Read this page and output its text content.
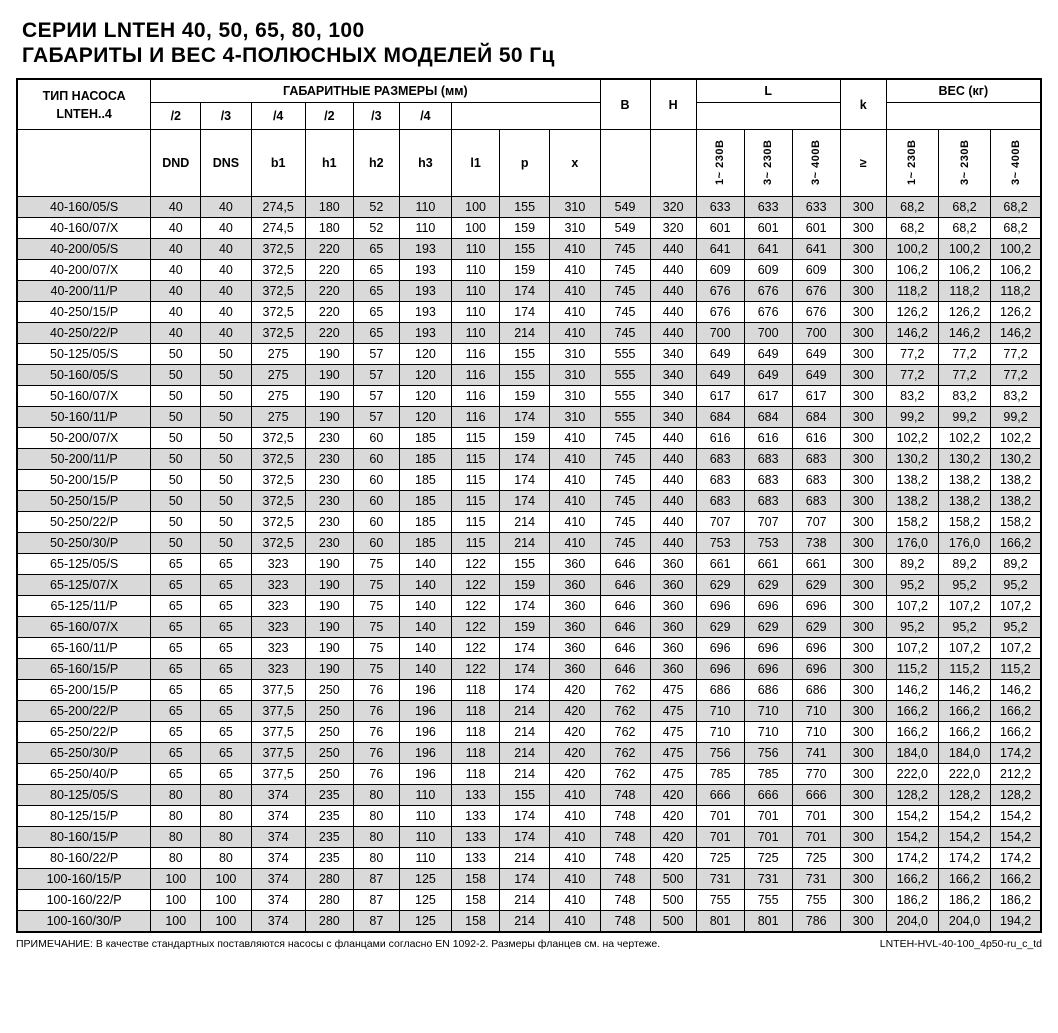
СЕРИИ LNTEH 40, 50, 65, 80, 100
ГАБАРИТЫ И ВЕС 4-ПОЛЮСНЫХ МОДЕЛЕЙ 50 Гц
ТИП НАСОСА
LNTEH..4	ГАБАРИТНЫЕ РАЗМЕРЫ (мм)									B	H	L			k	ВЕС (кг)		
	/2	/3	/4	/2	/3	/4												
	DND	DNS	b1	h1	h2	h3	l1	p	x			1~ 230В	3~ 230В	3~ 400В	≥	1~ 230В	3~ 230В	3~ 400В
40-160/05/S	40	40	274,5	180	52	110	100	155	310	549	320	633	633	633	300	68,2	68,2	68,2
40-160/07/X	40	40	274,5	180	52	110	100	159	310	549	320	601	601	601	300	68,2	68,2	68,2
40-200/05/S	40	40	372,5	220	65	193	110	155	410	745	440	641	641	641	300	100,2	100,2	100,2
40-200/07/X	40	40	372,5	220	65	193	110	159	410	745	440	609	609	609	300	106,2	106,2	106,2
40-200/11/P	40	40	372,5	220	65	193	110	174	410	745	440	676	676	676	300	118,2	118,2	118,2
40-250/15/P	40	40	372,5	220	65	193	110	174	410	745	440	676	676	676	300	126,2	126,2	126,2
40-250/22/P	40	40	372,5	220	65	193	110	214	410	745	440	700	700	700	300	146,2	146,2	146,2
50-125/05/S	50	50	275	190	57	120	116	155	310	555	340	649	649	649	300	77,2	77,2	77,2
50-160/05/S	50	50	275	190	57	120	116	155	310	555	340	649	649	649	300	77,2	77,2	77,2
50-160/07/X	50	50	275	190	57	120	116	159	310	555	340	617	617	617	300	83,2	83,2	83,2
50-160/11/P	50	50	275	190	57	120	116	174	310	555	340	684	684	684	300	99,2	99,2	99,2
50-200/07/X	50	50	372,5	230	60	185	115	159	410	745	440	616	616	616	300	102,2	102,2	102,2
50-200/11/P	50	50	372,5	230	60	185	115	174	410	745	440	683	683	683	300	130,2	130,2	130,2
50-200/15/P	50	50	372,5	230	60	185	115	174	410	745	440	683	683	683	300	138,2	138,2	138,2
50-250/15/P	50	50	372,5	230	60	185	115	174	410	745	440	683	683	683	300	138,2	138,2	138,2
50-250/22/P	50	50	372,5	230	60	185	115	214	410	745	440	707	707	707	300	158,2	158,2	158,2
50-250/30/P	50	50	372,5	230	60	185	115	214	410	745	440	753	753	738	300	176,0	176,0	166,2
65-125/05/S	65	65	323	190	75	140	122	155	360	646	360	661	661	661	300	89,2	89,2	89,2
65-125/07/X	65	65	323	190	75	140	122	159	360	646	360	629	629	629	300	95,2	95,2	95,2
65-125/11/P	65	65	323	190	75	140	122	174	360	646	360	696	696	696	300	107,2	107,2	107,2
65-160/07/X	65	65	323	190	75	140	122	159	360	646	360	629	629	629	300	95,2	95,2	95,2
65-160/11/P	65	65	323	190	75	140	122	174	360	646	360	696	696	696	300	107,2	107,2	107,2
65-160/15/P	65	65	323	190	75	140	122	174	360	646	360	696	696	696	300	115,2	115,2	115,2
65-200/15/P	65	65	377,5	250	76	196	118	174	420	762	475	686	686	686	300	146,2	146,2	146,2
65-200/22/P	65	65	377,5	250	76	196	118	214	420	762	475	710	710	710	300	166,2	166,2	166,2
65-250/22/P	65	65	377,5	250	76	196	118	214	420	762	475	710	710	710	300	166,2	166,2	166,2
65-250/30/P	65	65	377,5	250	76	196	118	214	420	762	475	756	756	741	300	184,0	184,0	174,2
65-250/40/P	65	65	377,5	250	76	196	118	214	420	762	475	785	785	770	300	222,0	222,0	212,2
80-125/05/S	80	80	374	235	80	110	133	155	410	748	420	666	666	666	300	128,2	128,2	128,2
80-125/15/P	80	80	374	235	80	110	133	174	410	748	420	701	701	701	300	154,2	154,2	154,2
80-160/15/P	80	80	374	235	80	110	133	174	410	748	420	701	701	701	300	154,2	154,2	154,2
80-160/22/P	80	80	374	235	80	110	133	214	410	748	420	725	725	725	300	174,2	174,2	174,2
100-160/15/P	100	100	374	280	87	125	158	174	410	748	500	731	731	731	300	166,2	166,2	166,2
100-160/22/P	100	100	374	280	87	125	158	214	410	748	500	755	755	755	300	186,2	186,2	186,2
100-160/30/P	100	100	374	280	87	125	158	214	410	748	500	801	801	786	300	204,0	204,0	194,2
ПРИМЕЧАНИЕ: В качестве стандартных поставляются насосы с фланцами согласно EN 1092-2. Размеры фланцев см. на чертеже.	LNTEH-HVL-40-100_4p50-ru_c_td
